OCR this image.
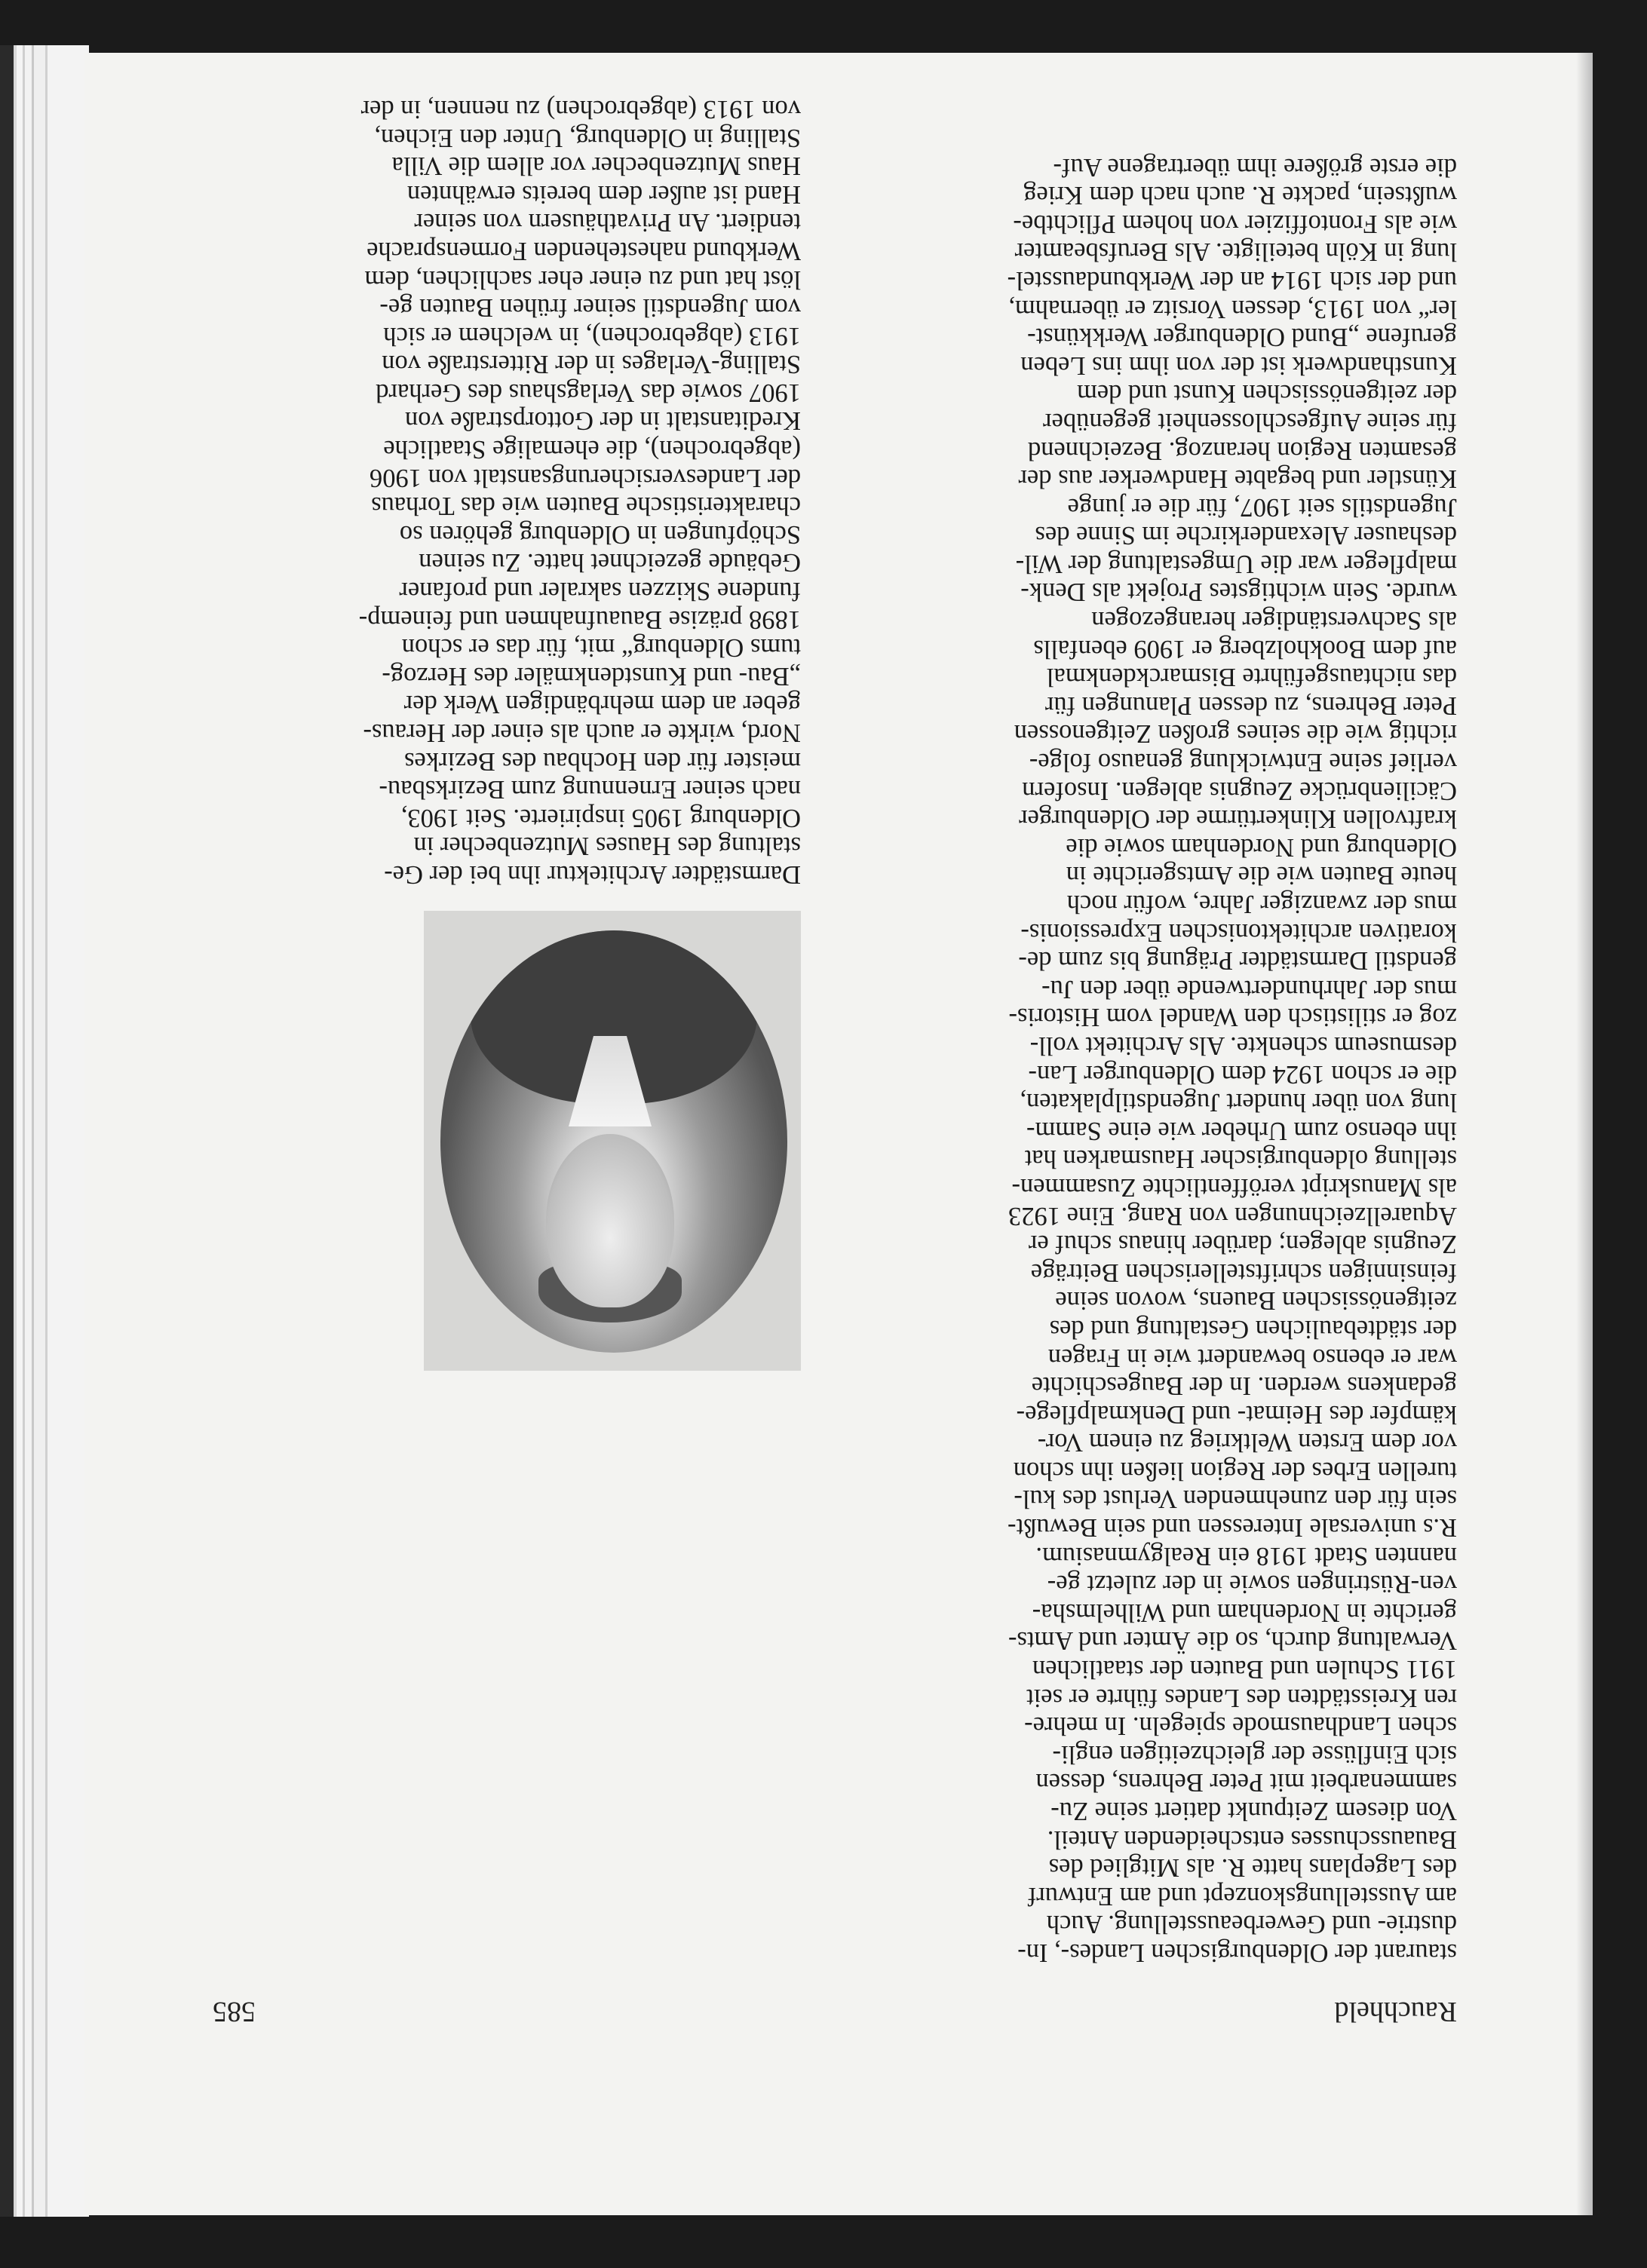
Rauchheld
585

staurant der Oldenburgischen Landes-, In-
dustrie- und Gewerbeausstellung. Auch
am Ausstellungskonzept und am Entwurf
des Lageplans hatte R. als Mitglied des
Bauausschusses entscheidenden Anteil.
Von diesem Zeitpunkt datiert seine Zu-
sammenarbeit mit Peter Behrens, dessen
sich Einflüsse der gleichzeitigen engli-
schen Landhausmode spiegeln. In mehre-
ren Kreisstädten des Landes führte er seit
1911 Schulen und Bauten der staatlichen
Verwaltung durch, so die Ämter und Amts-
gerichte in Nordenham und Wilhelmsha-
ven-Rüstringen sowie in der zuletzt ge-
nannten Stadt 1918 ein Realgymnasium.
R.s universale Interessen und sein Bewußt-
sein für den zunehmenden Verlust des kul-
turellen Erbes der Region ließen ihn schon
vor dem Ersten Weltkrieg zu einem Vor-
kämpfer des Heimat- und Denkmalpflege-
gedankens werden. In der Baugeschichte
war er ebenso bewandert wie in Fragen
der städtebaulichen Gestaltung und des
zeitgenössischen Bauens, wovon seine
feinsinnigen schriftstellerischen Beiträge
Zeugnis ablegen; darüber hinaus schuf er
Aquarellzeichnungen von Rang. Eine 1923
als Manuskript veröffentlichte Zusammen-
stellung oldenburgischer Hausmarken hat
ihn ebenso zum Urheber wie eine Samm-
lung von über hundert Jugendstilplakaten,
die er schon 1924 dem Oldenburger Lan-
desmuseum schenkte. Als Architekt voll-
zog er stilistisch den Wandel vom Historis-
mus der Jahrhundertwende über den Ju-
gendstil Darmstädter Prägung bis zum de-
korativen architektonischen Expressionis-
mus der zwanziger Jahre, wofür noch
heute Bauten wie die Amtsgerichte in
Oldenburg und Nordenham sowie die
kraftvollen Klinkertürme der Oldenburger
Cäcilienbrücke Zeugnis ablegen. Insofern
verlief seine Entwicklung genauso folge-
richtig wie die seines großen Zeitgenossen
Peter Behrens, zu dessen Planungen für
das nichtausgeführte Bismarckdenkmal
auf dem Bookholzberg er 1909 ebenfalls
als Sachverständiger herangezogen
wurde. Sein wichtigstes Projekt als Denk-
malpfleger war die Umgestaltung der Wil-
deshauser Alexanderkirche im Sinne des
Jugendstils seit 1907, für die er junge
Künstler und begabte Handwerker aus der
gesamten Region heranzog. Bezeichnend
für seine Aufgeschlossenheit gegenüber
der zeitgenössischen Kunst und dem
Kunsthandwerk ist der von ihm ins Leben
gerufene „Bund Oldenburger Werkkünst-
ler“ von 1913, dessen Vorsitz er übernahm,
und der sich 1914 an der Werkbundausstel-
lung in Köln beteiligte. Als Berufsbeamter
wie als Frontoffizier von hohem Pflichtbe-
wußtsein, packte R. auch nach dem Krieg
die erste größere ihm übertragene Auf-

Darmstädter Architektur ihn bei der Ge-
staltung des Hauses Mutzenbecher in
Oldenburg 1905 inspirierte. Seit 1903,
nach seiner Ernennung zum Bezirksbau-
meister für den Hochbau des Bezirkes
Nord, wirkte er auch als einer der Heraus-
geber an dem mehrbändigen Werk der
„Bau- und Kunstdenkmäler des Herzog-
tums Oldenburg“ mit, für das er schon
1898 präzise Bauaufnahmen und feinemp-
fundene Skizzen sakraler und profaner
Gebäude gezeichnet hatte. Zu seinen
Schöpfungen in Oldenburg gehören so
charakteristische Bauten wie das Torhaus
der Landesversicherungsanstalt von 1906
(abgebrochen), die ehemalige Staatliche
Kreditanstalt in der Gottorpstraße von
1907 sowie das Verlagshaus des Gerhard
Stalling-Verlages in der Ritterstraße von
1913 (abgebrochen), in welchem er sich
vom Jugendstil seiner frühen Bauten ge-
löst hat und zu einer eher sachlichen, dem
Werkbund nahestehenden Formensprache
tendiert. An Privathäusern von seiner
Hand ist außer dem bereits erwähnten
Haus Mutzenbecher vor allem die Villa
Stalling in Oldenburg, Unter den Eichen,
von 1913 (abgebrochen) zu nennen, in der
